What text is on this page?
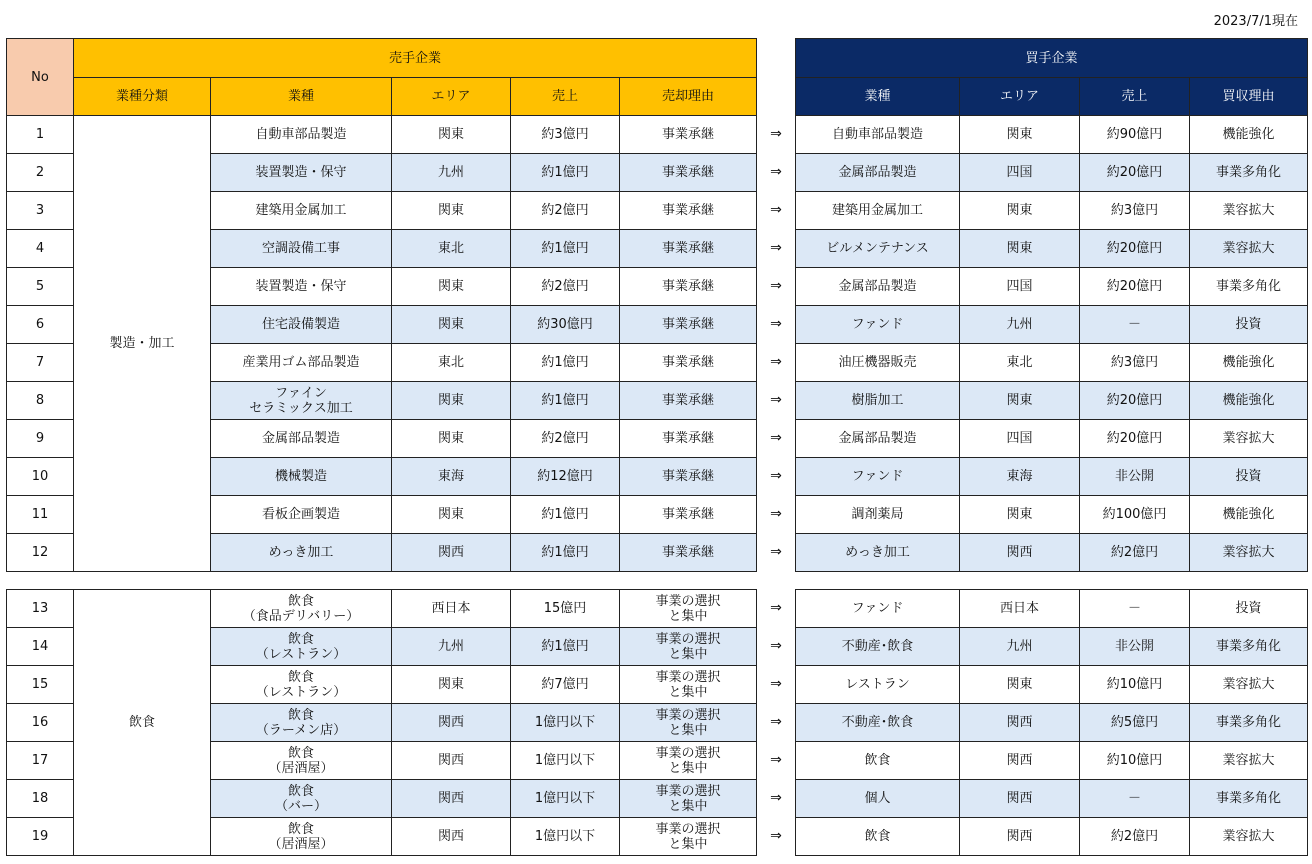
2023/7/1現在
No	売手企業						買手企業			
	業種分類	業種	エリア	売上	売却理由		業種	エリア	売上	買収理由
1	製造・加工	自動車部品製造	関東	約3億円	事業承継	⇒	自動車部品製造	関東	約90億円	機能強化
2		装置製造・保守	九州	約1億円	事業承継	⇒	金属部品製造	四国	約20億円	事業多角化
3		建築用金属加工	関東	約2億円	事業承継	⇒	建築用金属加工	関東	約3億円	業容拡大
4		空調設備工事	東北	約1億円	事業承継	⇒	ビルメンテナンス	関東	約20億円	業容拡大
5		装置製造・保守	関東	約2億円	事業承継	⇒	金属部品製造	四国	約20億円	事業多角化
6		住宅設備製造	関東	約30億円	事業承継	⇒	ファンド	九州	－	投資
7		産業用ゴム部品製造	東北	約1億円	事業承継	⇒	油圧機器販売	東北	約3億円	機能強化
8		ファイン
セラミックス加工	関東	約1億円	事業承継	⇒	樹脂加工	関東	約20億円	機能強化
9		金属部品製造	関東	約2億円	事業承継	⇒	金属部品製造	四国	約20億円	業容拡大
10		機械製造	東海	約12億円	事業承継	⇒	ファンド	東海	非公開	投資
11		看板企画製造	関東	約1億円	事業承継	⇒	調剤薬局	関東	約100億円	機能強化
12		めっき加工	関西	約1億円	事業承継	⇒	めっき加工	関西	約2億円	業容拡大
13	飲食	飲食
（食品デリバリー）	西日本	15億円	事業の選択
と集中	⇒	ファンド	西日本	－	投資
14		飲食
（レストラン）	九州	約1億円	事業の選択
と集中	⇒	不動産･飲食	九州	非公開	事業多角化
15		飲食
（レストラン）	関東	約7億円	事業の選択
と集中	⇒	レストラン	関東	約10億円	業容拡大
16		飲食
（ラーメン店）	関西	1億円以下	事業の選択
と集中	⇒	不動産･飲食	関西	約5億円	事業多角化
17		飲食
（居酒屋）	関西	1億円以下	事業の選択
と集中	⇒	飲食	関西	約10億円	業容拡大
18		飲食
（バー）	関西	1億円以下	事業の選択
と集中	⇒	個人	関西	－	事業多角化
19		飲食
（居酒屋）	関西	1億円以下	事業の選択
と集中	⇒	飲食	関西	約2億円	業容拡大
